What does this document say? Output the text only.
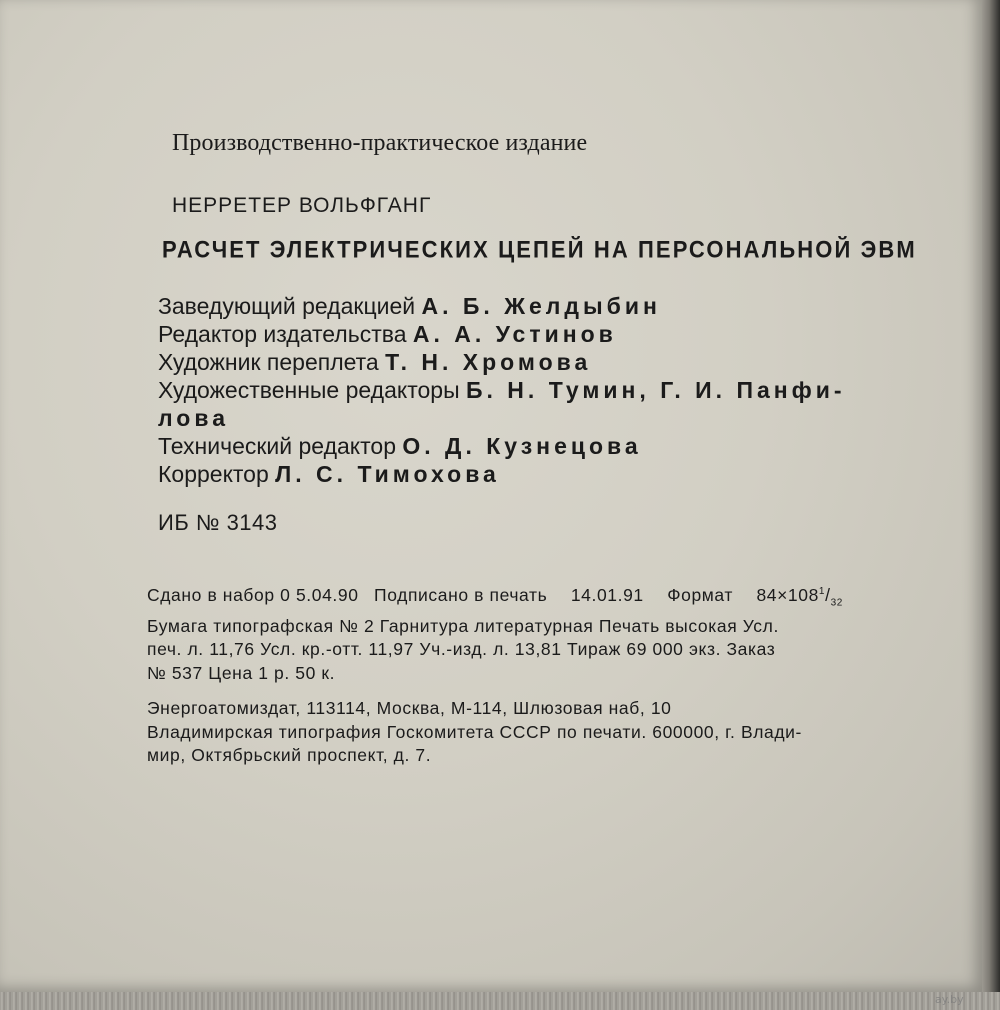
Производственно-практическое издание
НЕРРЕТЕР ВОЛЬФГАНГ
РАСЧЕТ ЭЛЕКТРИЧЕСКИХ ЦЕПЕЙ НА ПЕРСОНАЛЬНОЙ ЭВМ
Заведующий редакцией А. Б. Желдыбин
Редактор издательства А. А. Устинов
Художник переплета Т. Н. Хромова
Художественные редакторы Б. Н. Тумин, Г. И. Панфи-
лова
Технический редактор О. Д. Кузнецова
Корректор Л. С. Тимохова
ИБ № 3143
Сдано в набор 0 5.04.90 Подписано в печать 14.01.91 Формат $84\times 108^1/_{32}$
Бумага типографская № 2 Гарнитура литературная Печать высокая Усл.
печ. л. 11,76 Усл. кр.-отт. 11,97 Уч.-изд. л. 13,81 Тираж 69 000 экз. Заказ
№ 537 Цена 1 р. 50 к.
Энергоатомиздат, 113114, Москва, М-114, Шлюзовая наб, 10
Владимирская типография Госкомитета СССР по печати. 600000, г. Влади-
мир, Октябрьский проспект, д. 7.
ay.by
